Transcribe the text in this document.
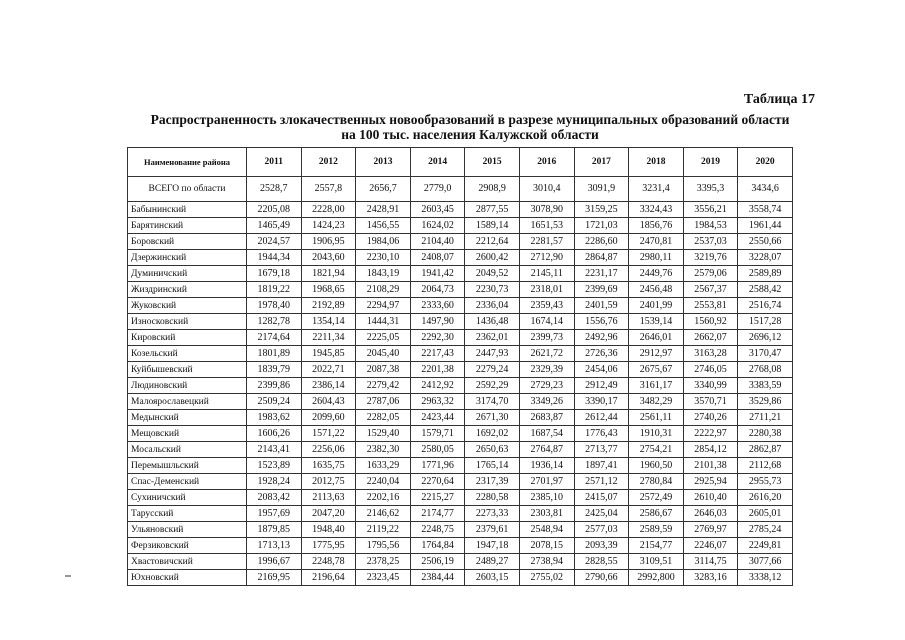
Таблица 17
Распространенность злокачественных новообразований в разрезе муниципальных образований области
на 100 тыс. населения Калужской области
Наименование района	2011	2012	2013	2014	2015	2016	2017	2018	2019	2020
ВСЕГО по области	2528,7	2557,8	2656,7	2779,0	2908,9	3010,4	3091,9	3231,4	3395,3	3434,6
Бабынинский	2205,08	2228,00	2428,91	2603,45	2877,55	3078,90	3159,25	3324,43	3556,21	3558,74
Барятинский	1465,49	1424,23	1456,55	1624,02	1589,14	1651,53	1721,03	1856,76	1984,53	1961,44
Боровский	2024,57	1906,95	1984,06	2104,40	2212,64	2281,57	2286,60	2470,81	2537,03	2550,66
Дзержинский	1944,34	2043,60	2230,10	2408,07	2600,42	2712,90	2864,87	2980,11	3219,76	3228,07
Думиничский	1679,18	1821,94	1843,19	1941,42	2049,52	2145,11	2231,17	2449,76	2579,06	2589,89
Жиздринский	1819,22	1968,65	2108,29	2064,73	2230,73	2318,01	2399,69	2456,48	2567,37	2588,42
Жуковский	1978,40	2192,89	2294,97	2333,60	2336,04	2359,43	2401,59	2401,99	2553,81	2516,74
Износковский	1282,78	1354,14	1444,31	1497,90	1436,48	1674,14	1556,76	1539,14	1560,92	1517,28
Кировский	2174,64	2211,34	2225,05	2292,30	2362,01	2399,73	2492,96	2646,01	2662,07	2696,12
Козельский	1801,89	1945,85	2045,40	2217,43	2447,93	2621,72	2726,36	2912,97	3163,28	3170,47
Куйбышевский	1839,79	2022,71	2087,38	2201,38	2279,24	2329,39	2454,06	2675,67	2746,05	2768,08
Людиновский	2399,86	2386,14	2279,42	2412,92	2592,29	2729,23	2912,49	3161,17	3340,99	3383,59
Малоярославецкий	2509,24	2604,43	2787,06	2963,32	3174,70	3349,26	3390,17	3482,29	3570,71	3529,86
Медынский	1983,62	2099,60	2282,05	2423,44	2671,30	2683,87	2612,44	2561,11	2740,26	2711,21
Мещовский	1606,26	1571,22	1529,40	1579,71	1692,02	1687,54	1776,43	1910,31	2222,97	2280,38
Мосальский	2143,41	2256,06	2382,30	2580,05	2650,63	2764,87	2713,77	2754,21	2854,12	2862,87
Перемышльский	1523,89	1635,75	1633,29	1771,96	1765,14	1936,14	1897,41	1960,50	2101,38	2112,68
Спас-Деменский	1928,24	2012,75	2240,04	2270,64	2317,39	2701,97	2571,12	2780,84	2925,94	2955,73
Сухиничский	2083,42	2113,63	2202,16	2215,27	2280,58	2385,10	2415,07	2572,49	2610,40	2616,20
Тарусский	1957,69	2047,20	2146,62	2174,77	2273,33	2303,81	2425,04	2586,67	2646,03	2605,01
Ульяновский	1879,85	1948,40	2119,22	2248,75	2379,61	2548,94	2577,03	2589,59	2769,97	2785,24
Ферзиковский	1713,13	1775,95	1795,56	1764,84	1947,18	2078,15	2093,39	2154,77	2246,07	2249,81
Хвастовичский	1996,67	2248,78	2378,25	2506,19	2489,27	2738,94	2828,55	3109,51	3114,75	3077,66
Юхновский	2169,95	2196,64	2323,45	2384,44	2603,15	2755,02	2790,66	2992,800	3283,16	3338,12
